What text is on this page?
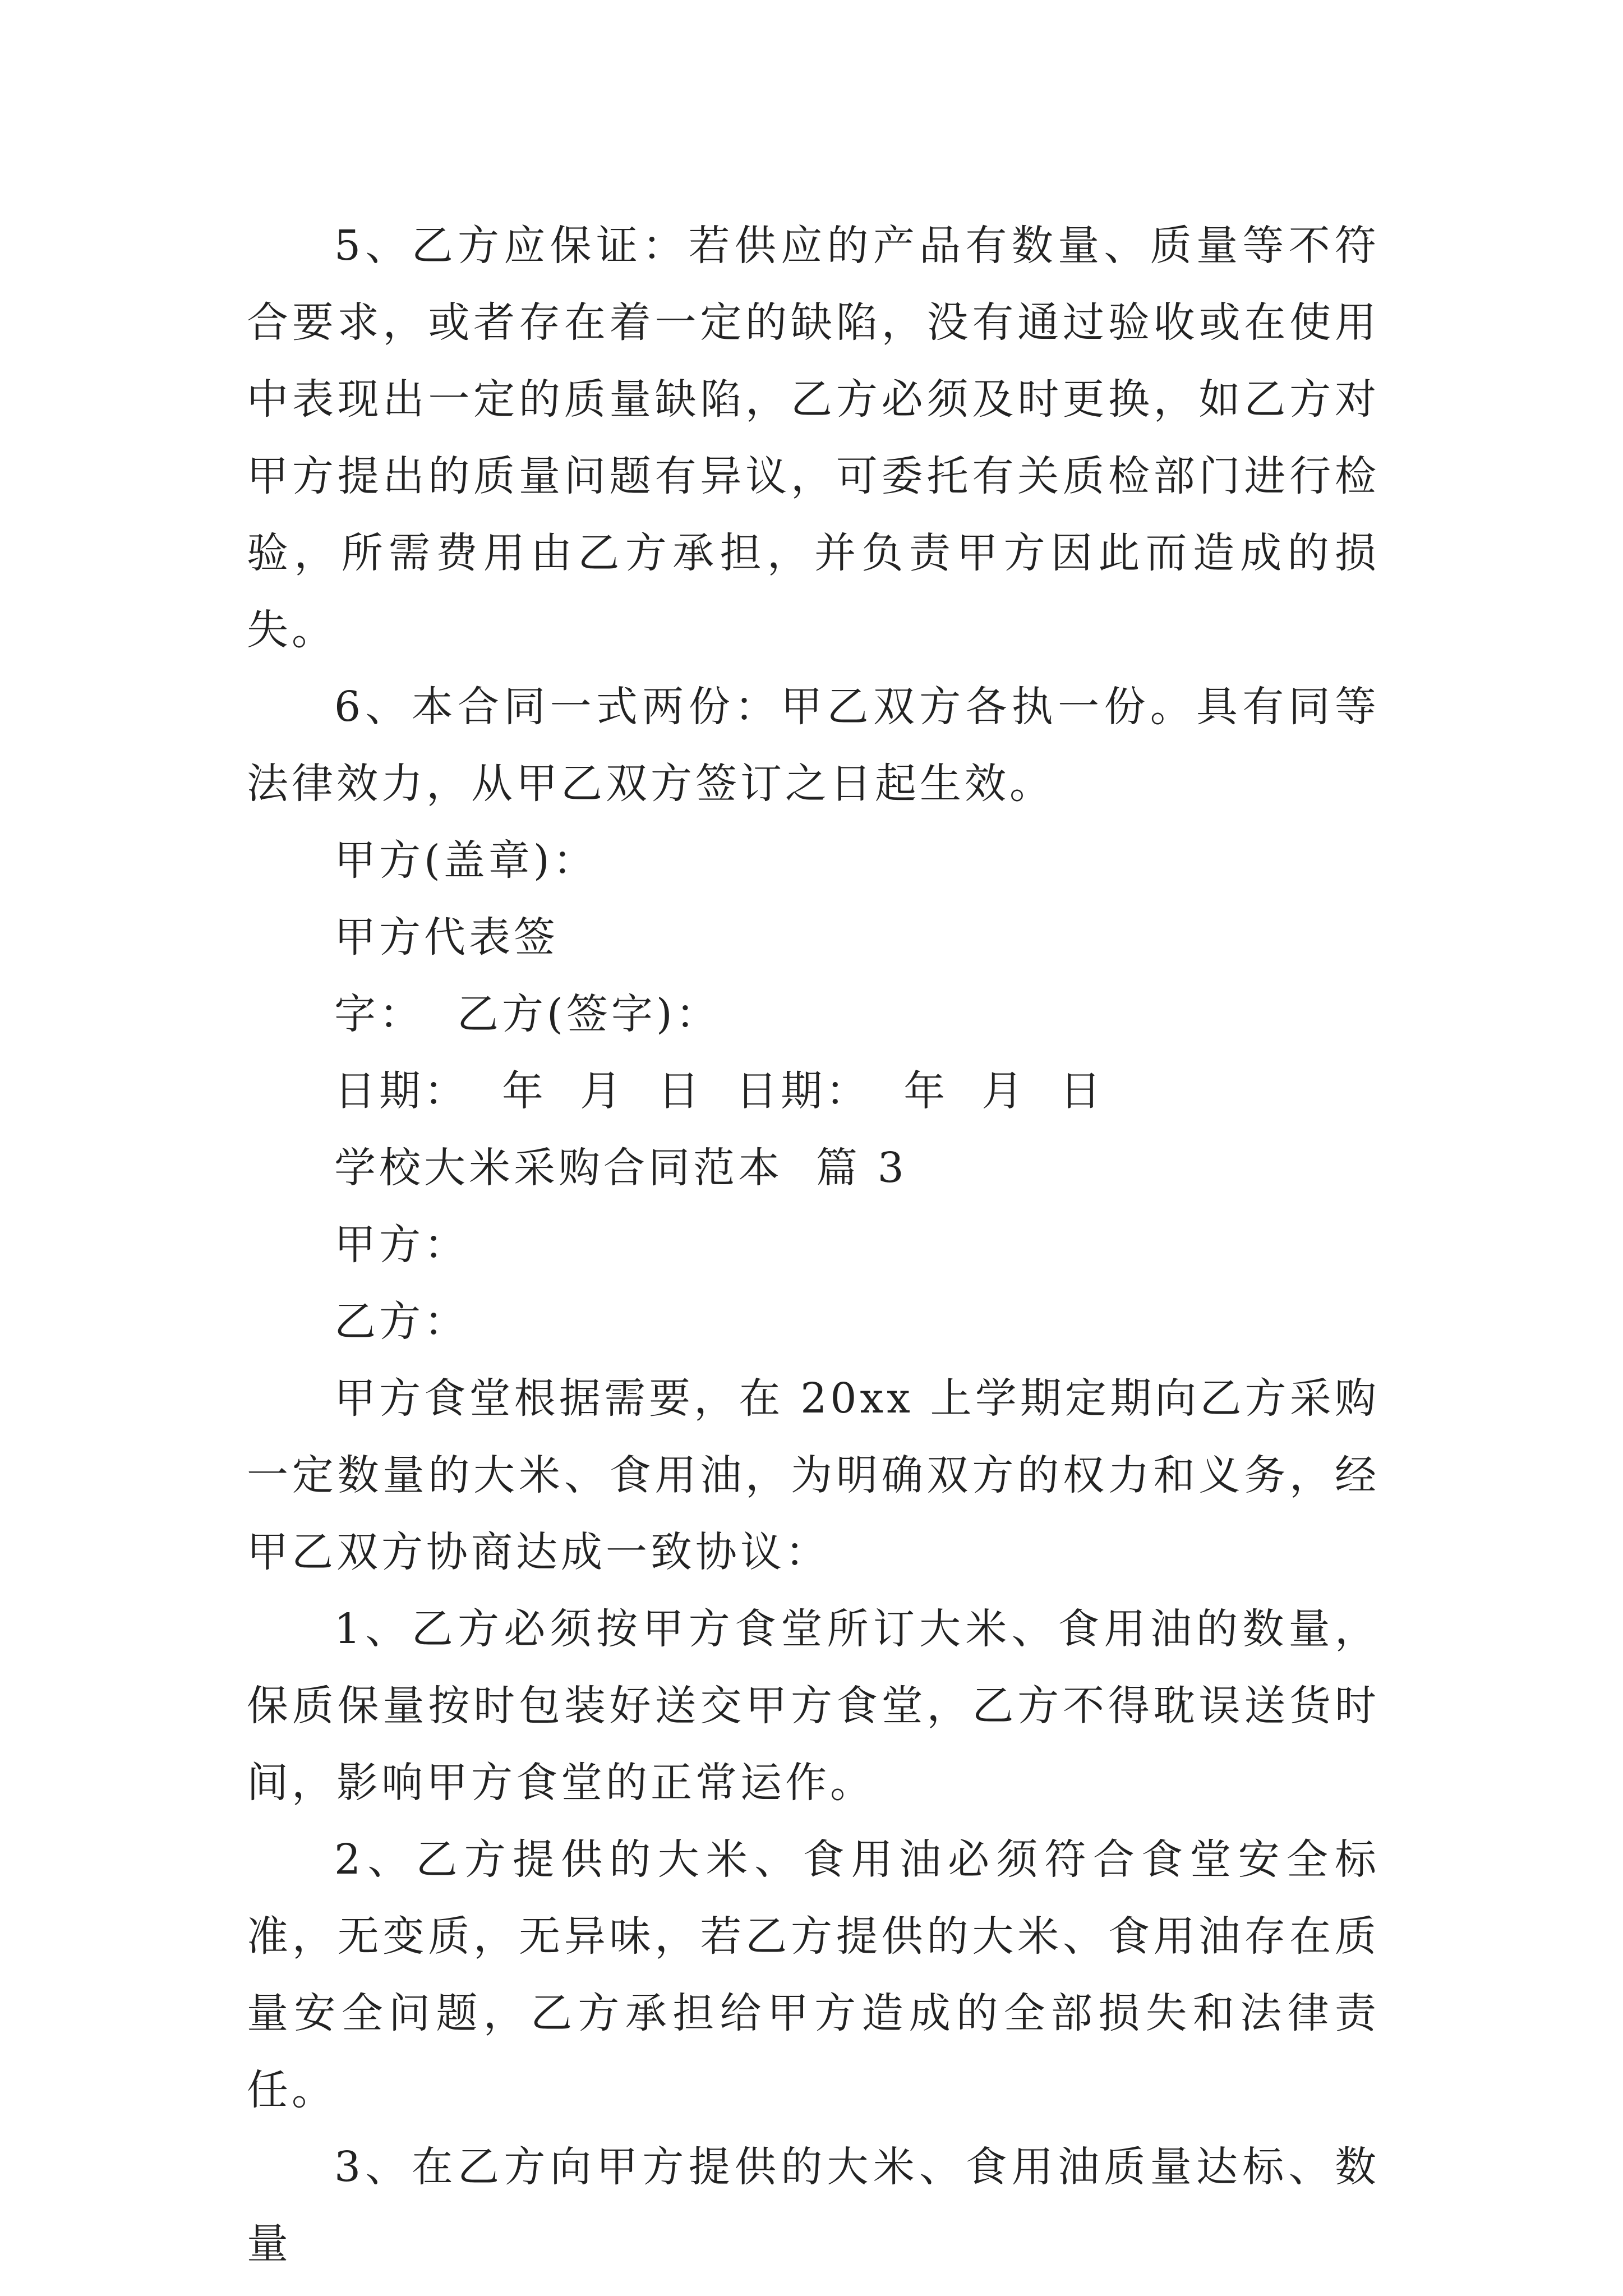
5、乙方应保证：若供应的产品有数量、质量等不符合要求，或者存在着一定的缺陷，没有通过验收或在使用中表现出一定的质量缺陷，乙方必须及时更换，如乙方对甲方提出的质量问题有异议，可委托有关质检部门进行检验，所需费用由乙方承担，并负责甲方因此而造成的损失。

6、本合同一式两份：甲乙双方各执一份。具有同等法律效力，从甲乙双方签订之日起生效。

甲方(盖章)：

甲方代表签

字：  乙方(签字)：

日期：  年  月  日  日期：  年  月  日

学校大米采购合同范本  篇 3

甲方：

乙方：

甲方食堂根据需要，在 20xx 上学期定期向乙方采购一定数量的大米、食用油，为明确双方的权力和义务，经甲乙双方协商达成一致协议：

1、乙方必须按甲方食堂所订大米、食用油的数量，保质保量按时包装好送交甲方食堂，乙方不得耽误送货时间，影响甲方食堂的正常运作。

2、乙方提供的大米、食用油必须符合食堂安全标准，无变质，无异味，若乙方提供的大米、食用油存在质量安全问题，乙方承担给甲方造成的全部损失和法律责任。

3、在乙方向甲方提供的大米、食用油质量达标、数量
